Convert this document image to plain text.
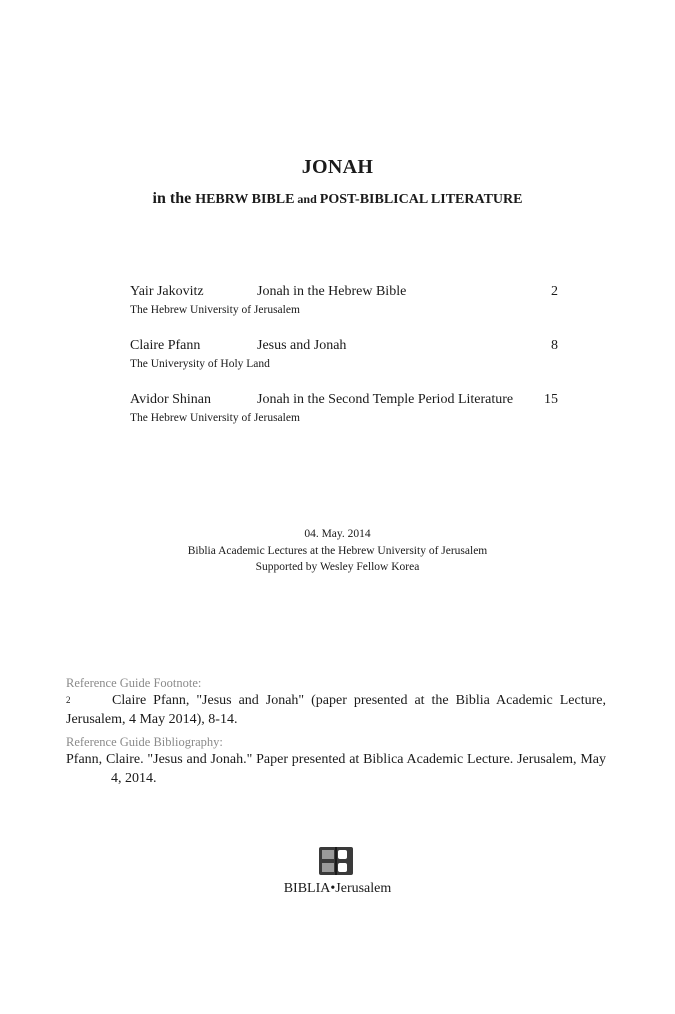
JONAH
in the HEBRW BIBLE and POST-BIBLICAL LITERATURE
Yair Jakovitz	Jonah in the Hebrew Bible	2
The Hebrew University of Jerusalem
Claire Pfann	Jesus and Jonah	8
The Univerysity of Holy Land
Avidor Shinan	Jonah in the Second Temple Period Literature 15
The Hebrew University of Jerusalem
04. May. 2014
Biblia Academic Lectures at the Hebrew University of Jerusalem
Supported by Wesley Fellow Korea
Reference Guide Footnote:
2	Claire Pfann, "Jesus and Jonah" (paper presented at the Biblia Academic Lecture, Jerusalem, 4 May 2014), 8-14.
Reference Guide Bibliography:
Pfann, Claire. "Jesus and Jonah." Paper presented at Biblica Academic Lecture. Jerusalem, May 4, 2014.
BIBLIA•Jerusalem
